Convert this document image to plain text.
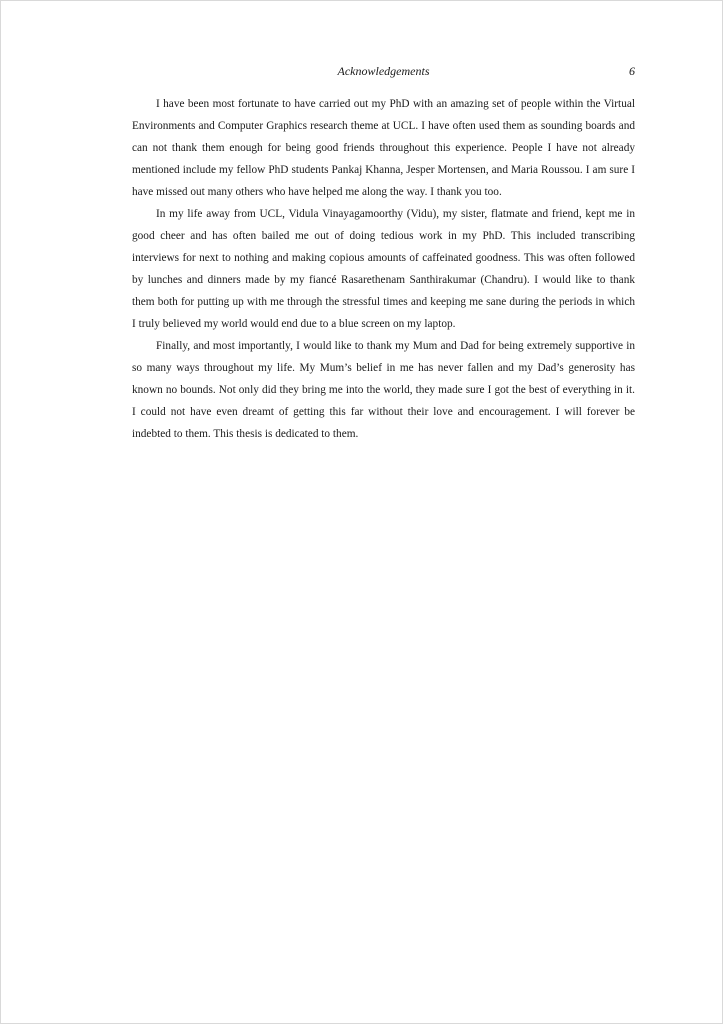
Acknowledgements	6

I have been most fortunate to have carried out my PhD with an amazing set of people within the Virtual Environments and Computer Graphics research theme at UCL. I have often used them as sounding boards and can not thank them enough for being good friends throughout this experience. People I have not already mentioned include my fellow PhD students Pankaj Khanna, Jesper Mortensen, and Maria Roussou. I am sure I have missed out many others who have helped me along the way. I thank you too.

In my life away from UCL, Vidula Vinayagamoorthy (Vidu), my sister, flatmate and friend, kept me in good cheer and has often bailed me out of doing tedious work in my PhD. This included transcribing interviews for next to nothing and making copious amounts of caffeinated goodness. This was often followed by lunches and dinners made by my fiancé Rasarethenam Santhirakumar (Chandru). I would like to thank them both for putting up with me through the stressful times and keeping me sane during the periods in which I truly believed my world would end due to a blue screen on my laptop.

Finally, and most importantly, I would like to thank my Mum and Dad for being extremely supportive in so many ways throughout my life. My Mum’s belief in me has never fallen and my Dad’s generosity has known no bounds. Not only did they bring me into the world, they made sure I got the best of everything in it. I could not have even dreamt of getting this far without their love and encouragement. I will forever be indebted to them. This thesis is dedicated to them.
